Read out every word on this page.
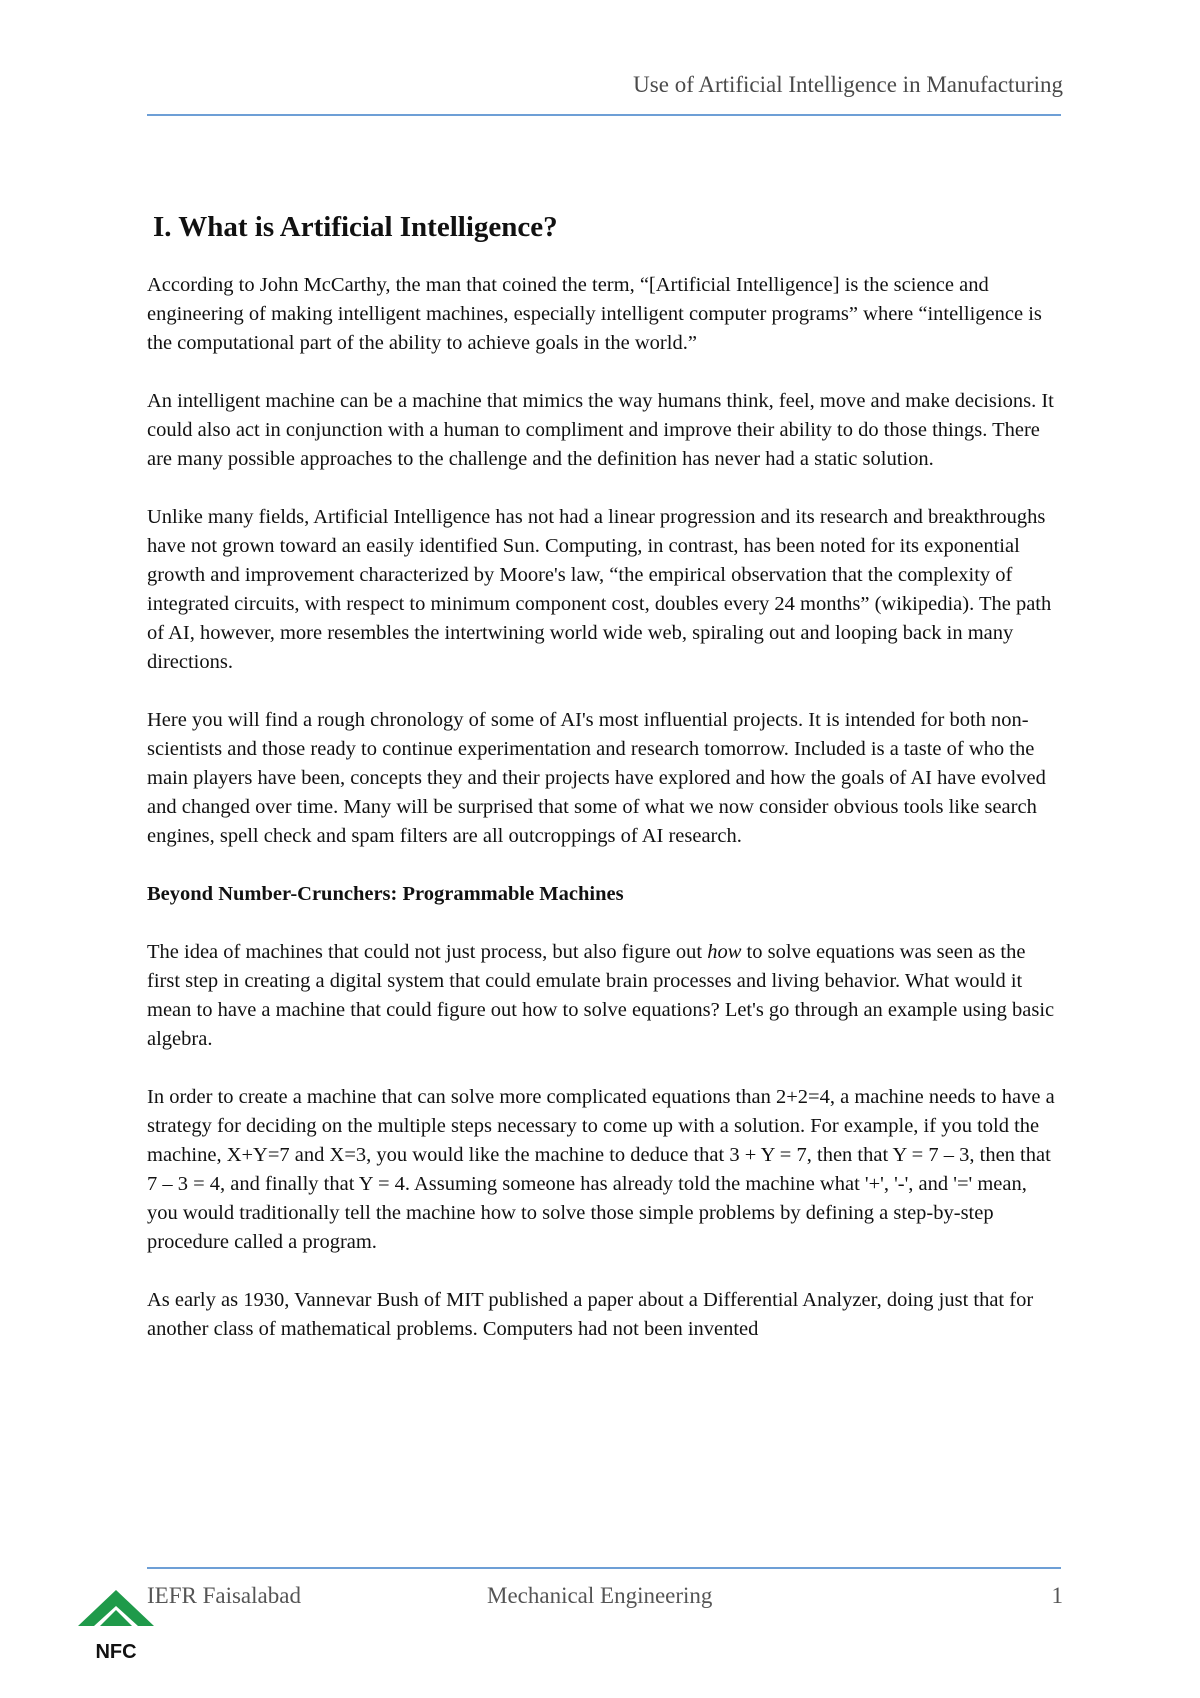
Use of Artificial Intelligence in Manufacturing
I. What is Artificial Intelligence?

According to John McCarthy, the man that coined the term, “[Artificial Intelligence] is the science and engineering of making intelligent machines, especially intelligent computer programs” where “intelligence is the computational part of the ability to achieve goals in the world.”

An intelligent machine can be a machine that mimics the way humans think, feel, move and make decisions. It could also act in conjunction with a human to compliment and improve their ability to do those things. There are many possible approaches to the challenge and the definition has never had a static solution.

Unlike many fields, Artificial Intelligence has not had a linear progression and its research and breakthroughs have not grown toward an easily identified Sun. Computing, in contrast, has been noted for its exponential growth and improvement characterized by Moore's law, “the empirical observation that the complexity of integrated circuits, with respect to minimum component cost, doubles every 24 months” (wikipedia). The path of AI, however, more resembles the intertwining world wide web, spiraling out and looping back in many directions.

Here you will find a rough chronology of some of AI's most influential projects. It is intended for both non-scientists and those ready to continue experimentation and research tomorrow. Included is a taste of who the main players have been, concepts they and their projects have explored and how the goals of AI have evolved and changed over time. Many will be surprised that some of what we now consider obvious tools like search engines, spell check and spam filters are all outcroppings of AI research.

Beyond Number-Crunchers: Programmable Machines

The idea of machines that could not just process, but also figure out how to solve equations was seen as the first step in creating a digital system that could emulate brain processes and living behavior. What would it mean to have a machine that could figure out how to solve equations? Let's go through an example using basic algebra.

In order to create a machine that can solve more complicated equations than 2+2=4, a machine needs to have a strategy for deciding on the multiple steps necessary to come up with a solution. For example, if you told the machine, X+Y=7 and X=3, you would like the machine to deduce that 3 + Y = 7, then that Y = 7 – 3, then that 7 – 3 = 4, and finally that Y = 4. Assuming someone has already told the machine what '+', '-', and '=' mean, you would traditionally tell the machine how to solve those simple problems by defining a step-by-step procedure called a program.

As early as 1930, Vannevar Bush of MIT published a paper about a Differential Analyzer, doing just that for another class of mathematical problems. Computers had not been invented

NFC
IEFR Faisalabad	Mechanical Engineering	1
